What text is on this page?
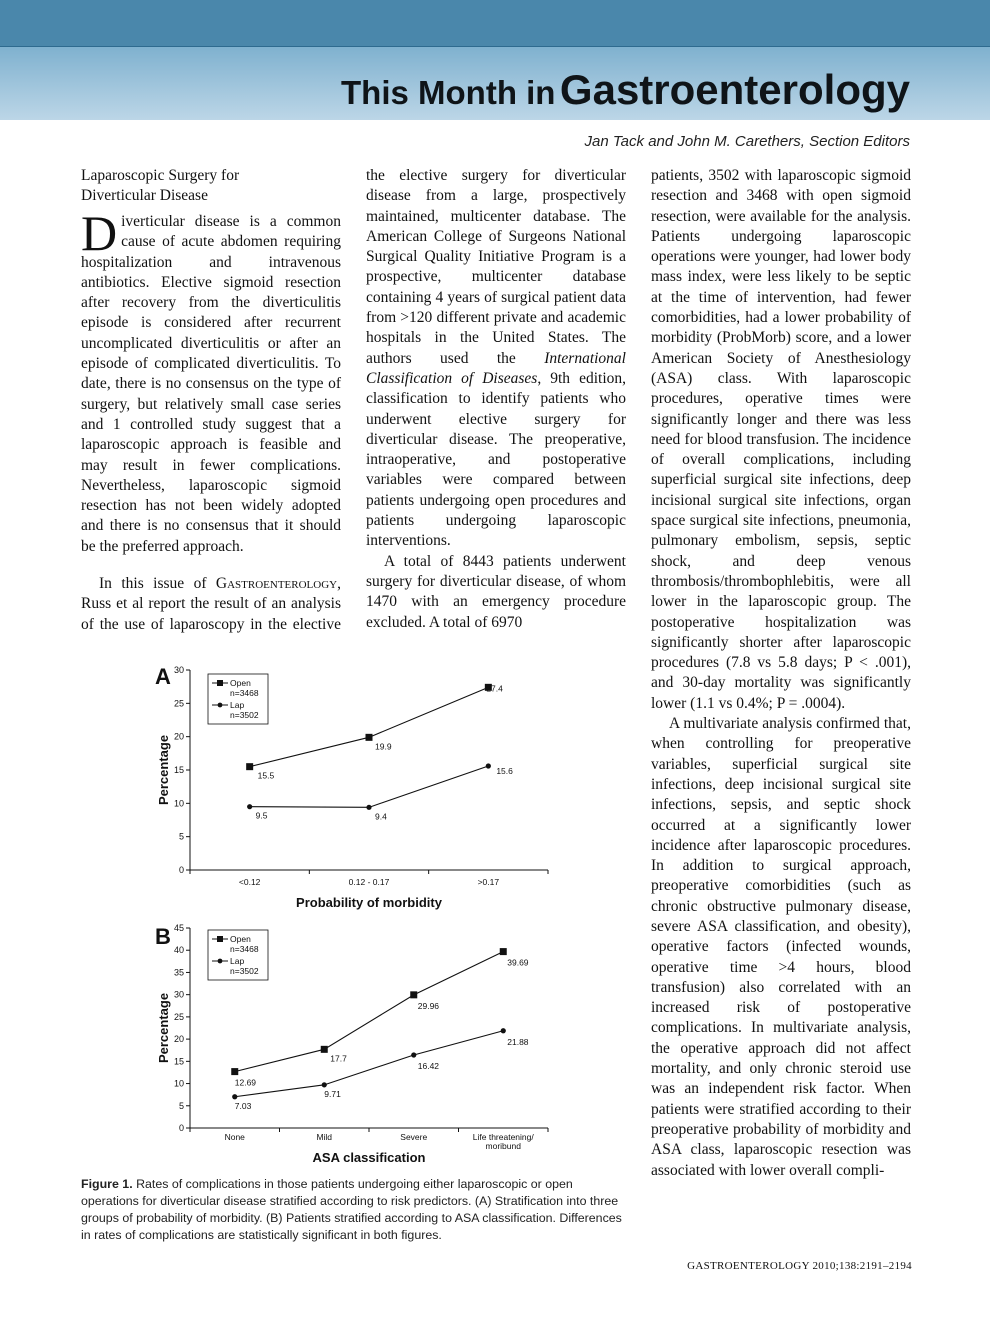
This Month in Gastroenterology
Jan Tack and John M. Carethers, Section Editors
Laparoscopic Surgery for
Diverticular Disease

Diverticular disease is a common cause of acute abdomen requiring hospitalization and intravenous antibiotics. Elective sigmoid resection after recovery from the diverticulitis episode is considered after recurrent uncomplicated diverticulitis or after an episode of complicated diverticulitis. To date, there is no consensus on the type of surgery, but relatively small case series and 1 controlled study suggest that a laparoscopic approach is feasible and may result in fewer complications. Nevertheless, laparoscopic sigmoid resection has not been widely adopted and there is no consensus that it should be the preferred approach.

In this issue of Gastroenterology, Russ et al report the result of an analysis of the use of laparoscopy in the elective

the elective surgery for diverticular disease from a large, prospectively maintained, multicenter database. The American College of Surgeons National Surgical Quality Initiative Program is a prospective, multicenter database containing 4 years of surgical patient data from >120 different private and academic hospitals in the United States. The authors used the International Classification of Diseases, 9th edition, classification to identify patients who underwent elective surgery for diverticular disease. The preoperative, intraoperative, and postoperative variables were compared between patients undergoing open procedures and patients undergoing laparoscopic interventions.

A total of 8443 patients underwent surgery for diverticular disease, of whom 1470 with an emergency procedure excluded. A total of 6970

patients, 3502 with laparoscopic sigmoid resection and 3468 with open sigmoid resection, were available for the analysis. Patients undergoing laparoscopic operations were younger, had lower body mass index, were less likely to be septic at the time of intervention, had fewer comorbidities, had a lower probability of morbidity (ProbMorb) score, and a lower American Society of Anesthesiology (ASA) class. With laparoscopic procedures, operative times were significantly longer and there was less need for blood transfusion. The incidence of overall complications, including superficial surgical site infections, deep incisional surgical site infections, organ space surgical site infections, pneumonia, pulmonary embolism, sepsis, septic shock, and deep venous thrombosis/thrombophlebitis, were all lower in the laparoscopic group. The postoperative hospitalization was significantly shorter after laparoscopic procedures (7.8 vs 5.8 days; P < .001), and 30-day mortality was significantly lower (1.1 vs 0.4%; P = .0004).

A multivariate analysis confirmed that, when controlling for preoperative variables, superficial surgical site infections, deep incisional surgical site infections, sepsis, and septic shock occurred at a significantly lower incidence after laparoscopic procedures. In addition to surgical approach, preoperative comorbidities (such as chronic obstructive pulmonary disease, severe ASA classification, and obesity), operative factors (infected wounds, operative time >4 hours, blood transfusion) also correlated with an increased risk of postoperative complications. In multivariate analysis, the operative approach did not affect mortality, and only chronic steroid use was an independent risk factor. When patients were stratified according to their preoperative probability of morbidity and ASA class, laparoscopic resection was associated with lower overall compli-

A
0
5
10
15
20
25
30
<0.12	0.12 - 0.17	>0.17
Probability of morbidity
Percentage	15.5
19.9
27.4
9.5	9.4
15.6
Open
n=3468
Lap
n=3502
B
0
5
10
15
20
25
30
35
40
45
None	Mild	Severe	Life threatening/
moribund
ASA classification
Percentage
12.69
17.7
29.96
39.69
7.03
9.71
16.42
21.88
Open
n=3468
Lap
n=3502
Figure 1. Rates of complications in those patients undergoing either laparoscopic or open operations for diverticular disease stratified according to risk predictors. (A) Stratification into three groups of probability of morbidity. (B) Patients stratified according to ASA classification. Differences in rates of complications are statistically significant in both figures.
GASTROENTEROLOGY 2010;138:2191–2194
